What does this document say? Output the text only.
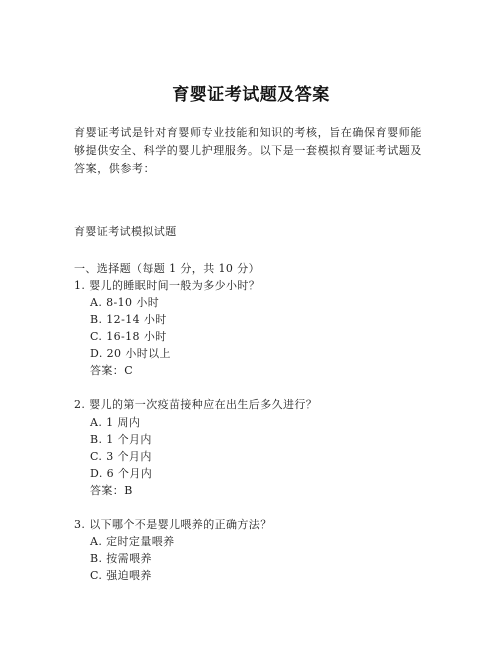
育婴证考试题及答案

育婴证考试是针对育婴师专业技能和知识的考核，旨在确保育婴师能够提供安全、科学的婴儿护理服务。以下是一套模拟育婴证考试题及答案，供参考：

育婴证考试模拟试题
一、选择题（每题 1 分，共 10 分）
1. 婴儿的睡眠时间一般为多少小时？
A. 8-10 小时
B. 12-14 小时
C. 16-18 小时
D. 20 小时以上
答案：C
2. 婴儿的第一次疫苗接种应在出生后多久进行？
A. 1 周内
B. 1 个月内
C. 3 个月内
D. 6 个月内
答案：B
3. 以下哪个不是婴儿喂养的正确方法？
A. 定时定量喂养
B. 按需喂养
C. 强迫喂养
